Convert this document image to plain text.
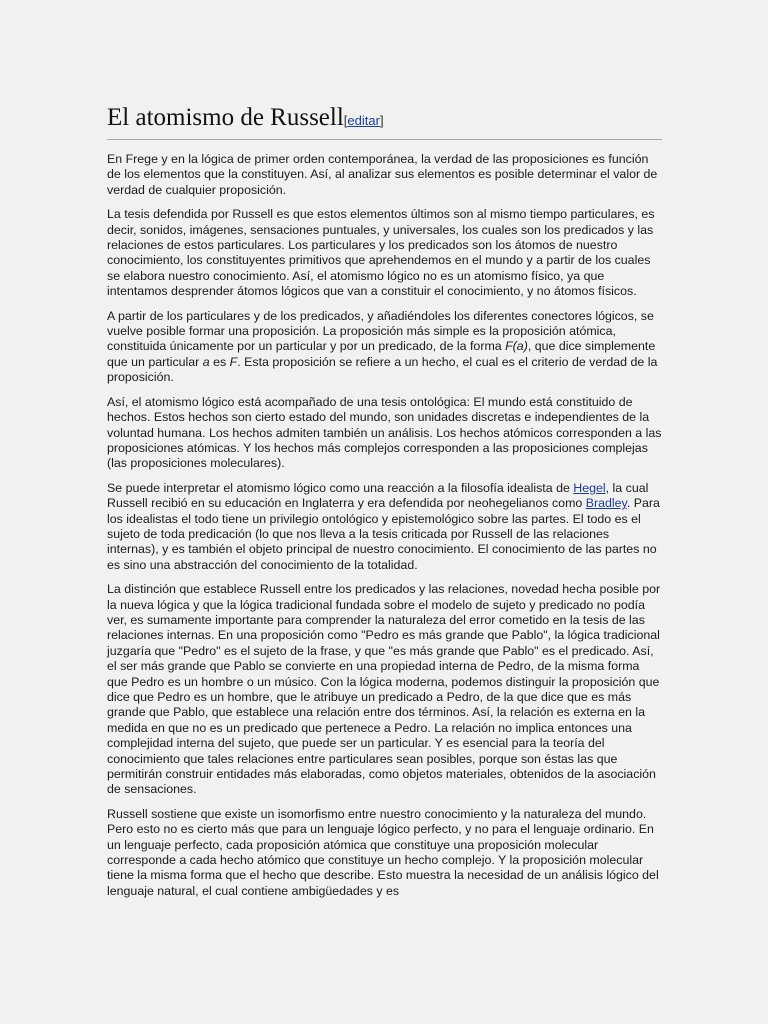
El atomismo de Russell[editar]

En Frege y en la lógica de primer orden contemporánea, la verdad de las proposiciones es función de los elementos que la constituyen. Así, al analizar sus elementos es posible determinar el valor de verdad de cualquier proposición.

La tesis defendida por Russell es que estos elementos últimos son al mismo tiempo particulares, es decir, sonidos, imágenes, sensaciones puntuales, y universales, los cuales son los predicados y las relaciones de estos particulares. Los particulares y los predicados son los átomos de nuestro conocimiento, los constituyentes primitivos que aprehendemos en el mundo y a partir de los cuales se elabora nuestro conocimiento. Así, el atomismo lógico no es un atomismo físico, ya que intentamos desprender átomos lógicos que van a constituir el conocimiento, y no átomos físicos.

A partir de los particulares y de los predicados, y añadiéndoles los diferentes conectores lógicos, se vuelve posible formar una proposición. La proposición más simple es la proposición atómica, constituida únicamente por un particular y por un predicado, de la forma F(a), que dice simplemente que un particular a es F. Esta proposición se refiere a un hecho, el cual es el criterio de verdad de la proposición.

Así, el atomismo lógico está acompañado de una tesis ontológica: El mundo está constituido de hechos. Estos hechos son cierto estado del mundo, son unidades discretas e independientes de la voluntad humana. Los hechos admiten también un análisis. Los hechos atómicos corresponden a las proposiciones atómicas. Y los hechos más complejos corresponden a las proposiciones complejas (las proposiciones moleculares).

Se puede interpretar el atomismo lógico como una reacción a la filosofía idealista de Hegel, la cual Russell recibió en su educación en Inglaterra y era defendida por neohegelianos como Bradley. Para los idealistas el todo tiene un privilegio ontológico y epistemológico sobre las partes. El todo es el sujeto de toda predicación (lo que nos lleva a la tesis criticada por Russell de las relaciones internas), y es también el objeto principal de nuestro conocimiento. El conocimiento de las partes no es sino una abstracción del conocimiento de la totalidad.

La distinción que establece Russell entre los predicados y las relaciones, novedad hecha posible por la nueva lógica y que la lógica tradicional fundada sobre el modelo de sujeto y predicado no podía ver, es sumamente importante para comprender la naturaleza del error cometido en la tesis de las relaciones internas. En una proposición como "Pedro es más grande que Pablo", la lógica tradicional juzgaría que "Pedro" es el sujeto de la frase, y que "es más grande que Pablo" es el predicado. Así, el ser más grande que Pablo se convierte en una propiedad interna de Pedro, de la misma forma que Pedro es un hombre o un músico. Con la lógica moderna, podemos distinguir la proposición que dice que Pedro es un hombre, que le atribuye un predicado a Pedro, de la que dice que es más grande que Pablo, que establece una relación entre dos términos. Así, la relación es externa en la medida en que no es un predicado que pertenece a Pedro. La relación no implica entonces una complejidad interna del sujeto, que puede ser un particular. Y es esencial para la teoría del conocimiento que tales relaciones entre particulares sean posibles, porque son éstas las que permitirán construir entidades más elaboradas, como objetos materiales, obtenidos de la asociación de sensaciones.

Russell sostiene que existe un isomorfismo entre nuestro conocimiento y la naturaleza del mundo. Pero esto no es cierto más que para un lenguaje lógico perfecto, y no para el lenguaje ordinario. En un lenguaje perfecto, cada proposición atómica que constituye una proposición molecular corresponde a cada hecho atómico que constituye un hecho complejo. Y la proposición molecular tiene la misma forma que el hecho que describe. Esto muestra la necesidad de un análisis lógico del lenguaje natural, el cual contiene ambigüedades y es
